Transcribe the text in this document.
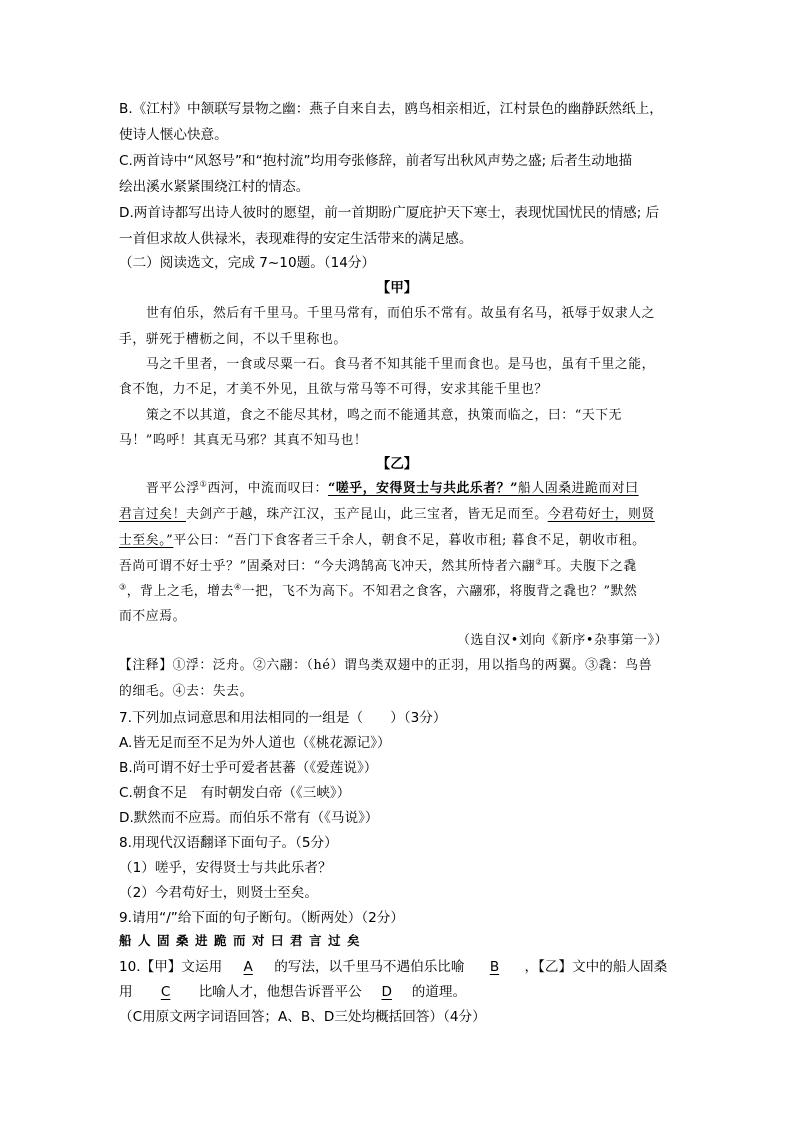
B.《江村》中颔联写景物之幽：燕子自来自去，鸥鸟相亲相近，江村景色的幽静跃然纸上，
使诗人惬心快意。
C.两首诗中“风怒号”和“抱村流”均用夸张修辞，前者写出秋风声势之盛; 后者生动地描
绘出溪水紧紧围绕江村的情态。
D.两首诗都写出诗人彼时的愿望，前一首期盼广厦庇护天下寒士，表现忧国忧民的情感; 后
一首但求故人供禄米，表现难得的安定生活带来的满足感。
（二）阅读选文，完成 7~10题。（14分）
【甲】
世有伯乐，然后有千里马。千里马常有，而伯乐不常有。故虽有名马，祇辱于奴隶人之
手，骈死于槽枥之间，不以千里称也。
马之千里者，一食或尽粟一石。食马者不知其能千里而食也。是马也，虽有千里之能，
食不饱，力不足，才美不外见，且欲与常马等不可得，安求其能千里也？
策之不以其道，食之不能尽其材，鸣之而不能通其意，执策而临之，曰：“天下无
马！”呜呼！其真无马邪？其真不知马也！
【乙】
晋平公浮①西河，中流而叹曰：“嗟乎，安得贤士与共此乐者？”船人固桑进跪而对曰
君言过矣！夫剑产于越，珠产江汉，玉产昆山，此三宝者，皆无足而至。今君苟好士，则贤
士至矣。”平公曰：“吾门下食客者三千余人，朝食不足，暮收市租; 暮食不足，朝收市租。
吾尚可谓不好士乎？”固桑对曰：“今夫鸿鹄高飞冲天，然其所恃者六翮②耳。夫腹下之毳
③，背上之毛，增去④一把，飞不为高下。不知君之食客，六翮邪，将腹背之毳也？”默然
而不应焉。
（选自汉•刘向《新序•杂事第一》）
【注释】①浮：泛舟。②六翮：（hé）谓鸟类双翅中的正羽，用以指鸟的两翼。③毳：鸟兽
的细毛。④去：失去。
7.下列加点词意思和用法相同的一组是（　　）（3分）
A.皆无足而至不足为外人道也（《桃花源记》）
B.尚可谓不好士乎可爱者甚蕃（《爱莲说》）
C.朝食不足　有时朝发白帝（《三峡》）
D.默然而不应焉。而伯乐不常有（《马说》）
8.用现代汉语翻译下面句子。（5分）
（1）嗟乎，安得贤士与共此乐者？
（2）今君苟好士，则贤士至矣。
9.请用“/”给下面的句子断句。（断两处）（2分）
船人固桑进跪而对曰君言过矣
10.【甲】文运用 A 的写法，以千里马不遇伯乐比喻 B ，【乙】文中的船人固桑
用 C 比喻人才，他想告诉晋平公 D 的道理。
（C用原文两字词语回答；A、B、D三处均概括回答）（4分）
